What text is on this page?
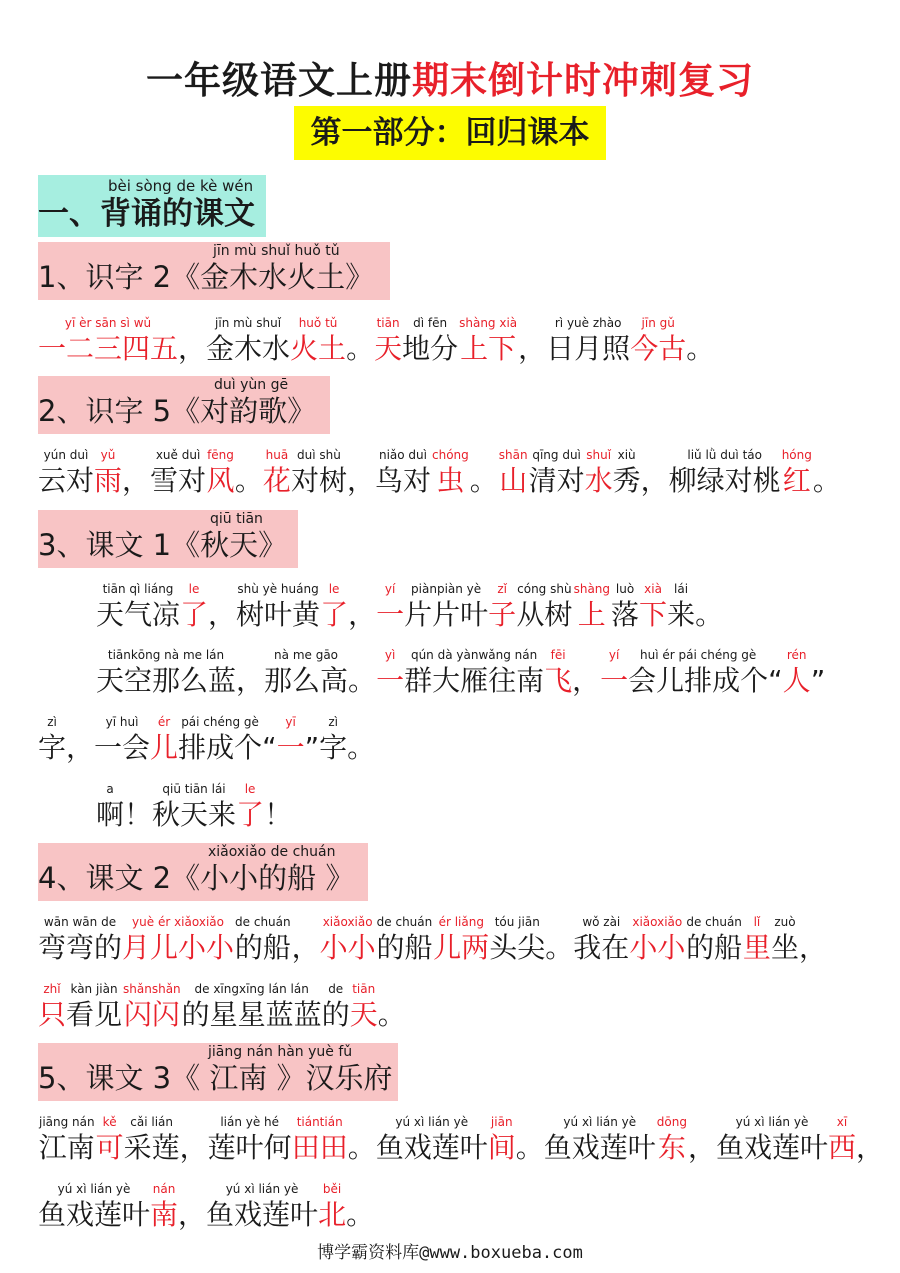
一年级语文上册期末倒计时冲刺复习
第一部分：回归课本
bèi sòng de kè wén
一、背诵的课文
jīn mù shuǐ huǒ tǔ
1、识字 2《金木水火土》
yī èr sān sì wǔ
一二三四五 ，
jīn mù shuǐ
金木水
huǒ tǔ
火土 。
tiān
天
dì fēn
地分
shàng xià
上下 ，
rì yuè zhào
日月照
jīn gǔ
今古 。
duì yùn gē
2、识字 5《对韵歌》
yún duì
云对
yǔ
雨 ，
xuě duì
雪对
fēng
风 。
huā
花
duì shù
对树 ，
niǎo duì
鸟对
chóng
虫 。
shān
山
qīng duì
清对
shuǐ
水
xiù
秀 ，
liǔ lǜ duì táo
柳绿对桃
hóng
红 。
qiū tiān
3、课文 1《秋天》
tiān qì liáng
天气凉
le
了 ，
shù yè huáng
树叶黄
le
了 ，
yí
一
piànpiàn yè
片片叶
zǐ
子
cóng shù
从树
shàng
上
luò
落
xià
下
lái
来 。
tiānkōng nà me lán
天空那么蓝 ，
nà me gāo
那么高 。
yì
一
qún dà yànwǎng nán
群大雁往南
fēi
飞 ，
yí
一
huì ér pái chéng gè
会儿排成个 “
rén
人 ”
zì
字 ，
yī huì
一会
ér
儿
pái chéng gè
排成个 “
yī
一 ”
zì
字 。
a
啊 ！
qiū tiān lái
秋天来
le
了 ！
xiǎoxiǎo de chuán
4、课文 2《小小的船 》
wān wān de
弯弯的
yuè ér xiǎoxiǎo
月儿小小
de chuán
的船 ，
xiǎoxiǎo
小小
de chuán
的船
ér liǎng
儿两
tóu jiān
头尖 。
wǒ zài
我在
xiǎoxiǎo
小小
de chuán
的船
lǐ
里
zuò
坐 ，
zhǐ
只
kàn jiàn
看见
shǎnshǎn
闪闪
de xīngxīng lán lán
的星星蓝蓝
de
的
tiān
天 。
jiāng nán hàn yuè fǔ
5、课文 3《 江南 》汉乐府
jiāng nán
江南
kě
可
cǎi lián
采莲 ，
lián yè hé
莲叶何
tiántián
田田 。
yú xì lián yè
鱼戏莲叶
jiān
间 。
yú xì lián yè
鱼戏莲叶
dōng
东 ，
yú xì lián yè
鱼戏莲叶
xī
西 ，
yú xì lián yè
鱼戏莲叶
nán
南 ，
yú xì lián yè
鱼戏莲叶
běi
北 。
博学霸资料库@www.boxueba.com
